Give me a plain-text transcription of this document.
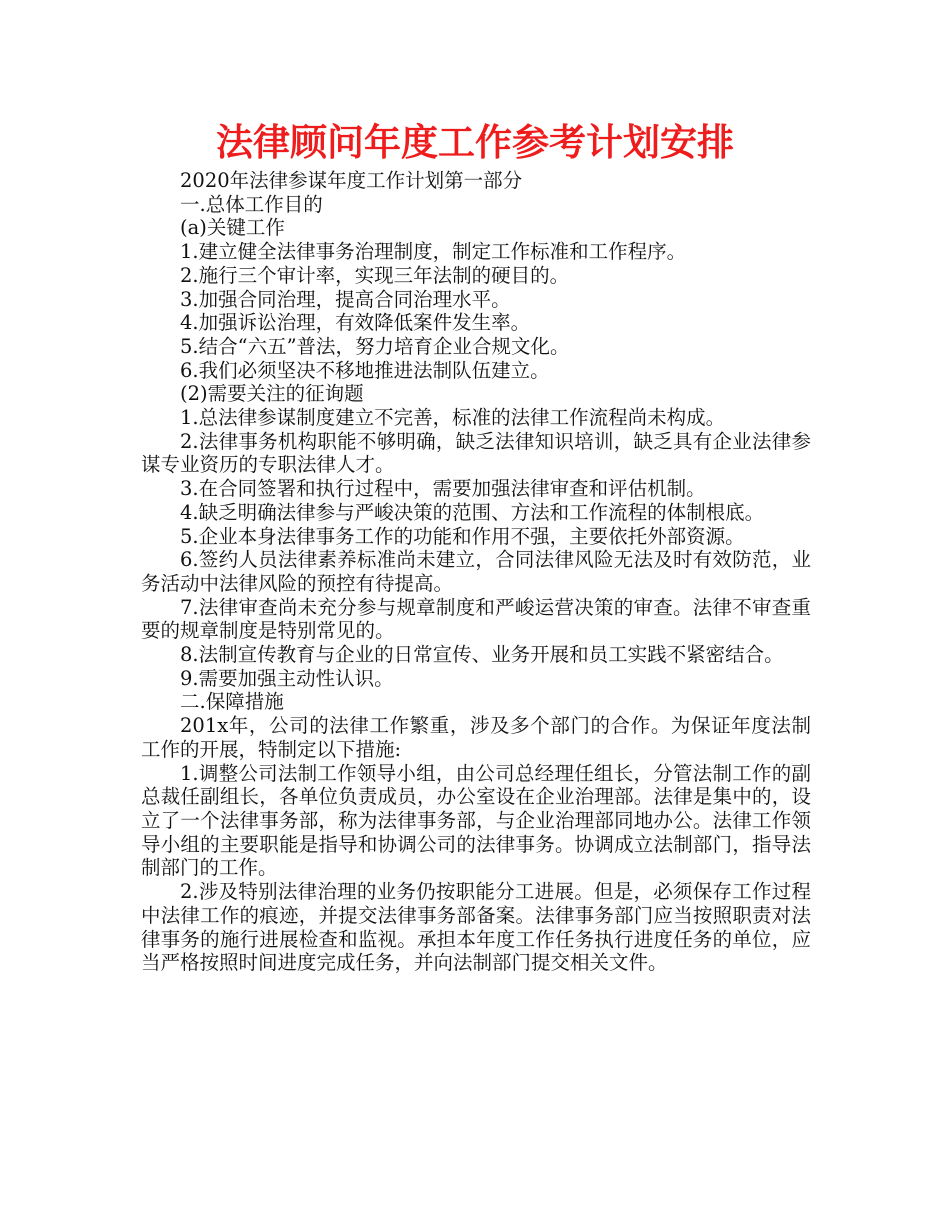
法律顾问年度工作参考计划安排

2020年法律参谋年度工作计划第一部分

一.总体工作目的

(a)关键工作

1.建立健全法律事务治理制度，制定工作标准和工作程序。

2.施行三个审计率，实现三年法制的硬目的。

3.加强合同治理，提高合同治理水平。

4.加强诉讼治理，有效降低案件发生率。

5.结合“六五”普法，努力培育企业合规文化。

6.我们必须坚决不移地推进法制队伍建立。

(2)需要关注的征询题

1.总法律参谋制度建立不完善，标准的法律工作流程尚未构成。

2.法律事务机构职能不够明确，缺乏法律知识培训，缺乏具有企业法律参谋专业资历的专职法律人才。

3.在合同签署和执行过程中，需要加强法律审查和评估机制。

4.缺乏明确法律参与严峻决策的范围、方法和工作流程的体制根底。

5.企业本身法律事务工作的功能和作用不强，主要依托外部资源。

6.签约人员法律素养标准尚未建立，合同法律风险无法及时有效防范，业务活动中法律风险的预控有待提高。

7.法律审查尚未充分参与规章制度和严峻运营决策的审查。法律不审查重要的规章制度是特别常见的。

8.法制宣传教育与企业的日常宣传、业务开展和员工实践不紧密结合。

9.需要加强主动性认识。

二.保障措施

201x年，公司的法律工作繁重，涉及多个部门的合作。为保证年度法制工作的开展，特制定以下措施:

1.调整公司法制工作领导小组，由公司总经理任组长，分管法制工作的副总裁任副组长，各单位负责成员，办公室设在企业治理部。法律是集中的，设立了一个法律事务部，称为法律事务部，与企业治理部同地办公。法律工作领导小组的主要职能是指导和协调公司的法律事务。协调成立法制部门，指导法制部门的工作。

2.涉及特别法律治理的业务仍按职能分工进展。但是，必须保存工作过程中法律工作的痕迹，并提交法律事务部备案。法律事务部门应当按照职责对法律事务的施行进展检查和监视。承担本年度工作任务执行进度任务的单位，应当严格按照时间进度完成任务，并向法制部门提交相关文件。
